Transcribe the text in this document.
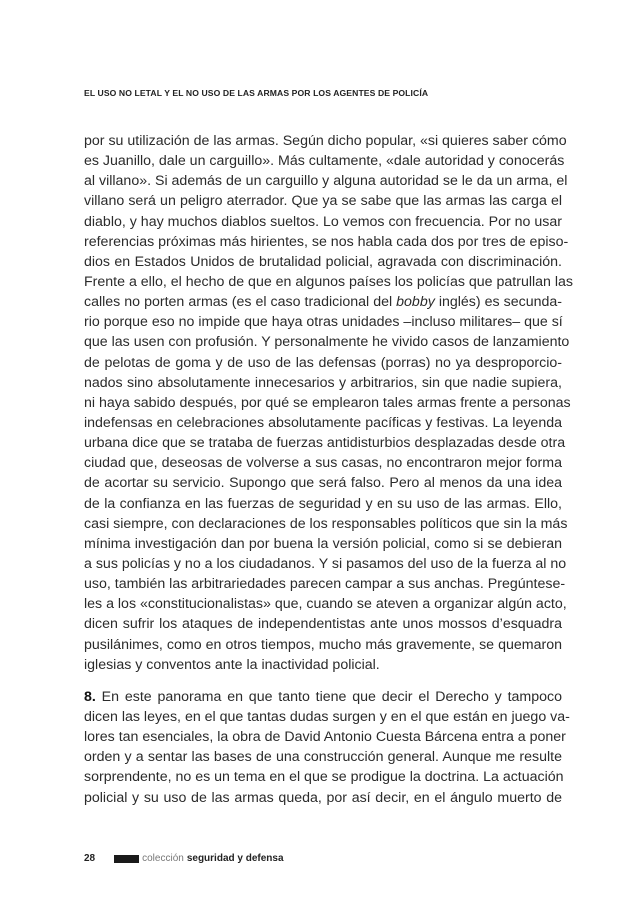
EL USO NO LETAL Y EL NO USO DE LAS ARMAS POR LOS AGENTES DE POLICÍA
por su utilización de las armas. Según dicho popular, «si quieres saber cómo
es Juanillo, dale un carguillo». Más cultamente, «dale autoridad y conocerás
al villano». Si además de un carguillo y alguna autoridad se le da un arma, el
villano será un peligro aterrador. Que ya se sabe que las armas las carga el
diablo, y hay muchos diablos sueltos. Lo vemos con frecuencia. Por no usar
referencias próximas más hirientes, se nos habla cada dos por tres de episo-
dios en Estados Unidos de brutalidad policial, agravada con discriminación.
Frente a ello, el hecho de que en algunos países los policías que patrullan las
calles no porten armas (es el caso tradicional del bobby inglés) es secunda-
rio porque eso no impide que haya otras unidades –incluso militares– que sí
que las usen con profusión. Y personalmente he vivido casos de lanzamiento
de pelotas de goma y de uso de las defensas (porras) no ya desproporcio-
nados sino absolutamente innecesarios y arbitrarios, sin que nadie supiera,
ni haya sabido después, por qué se emplearon tales armas frente a personas
indefensas en celebraciones absolutamente pacíficas y festivas. La leyenda
urbana dice que se trataba de fuerzas antidisturbios desplazadas desde otra
ciudad que, deseosas de volverse a sus casas, no encontraron mejor forma
de acortar su servicio. Supongo que será falso. Pero al menos da una idea
de la confianza en las fuerzas de seguridad y en su uso de las armas. Ello,
casi siempre, con declaraciones de los responsables políticos que sin la más
mínima investigación dan por buena la versión policial, como si se debieran
a sus policías y no a los ciudadanos. Y si pasamos del uso de la fuerza al no
uso, también las arbitrariedades parecen campar a sus anchas. Pregúntese-
les a los «constitucionalistas» que, cuando se ateven a organizar algún acto,
dicen sufrir los ataques de independentistas ante unos mossos d’esquadra
pusilánimes, como en otros tiempos, mucho más gravemente, se quemaron
iglesias y conventos ante la inactividad policial.
8. En este panorama en que tanto tiene que decir el Derecho y tampoco
dicen las leyes, en el que tantas dudas surgen y en el que están en juego va-
lores tan esenciales, la obra de David Antonio Cuesta Bárcena entra a poner
orden y a sentar las bases de una construcción general. Aunque me resulte
sorprendente, no es un tema en el que se prodigue la doctrina. La actuación
policial y su uso de las armas queda, por así decir, en el ángulo muerto de
28	colección seguridad y defensa
